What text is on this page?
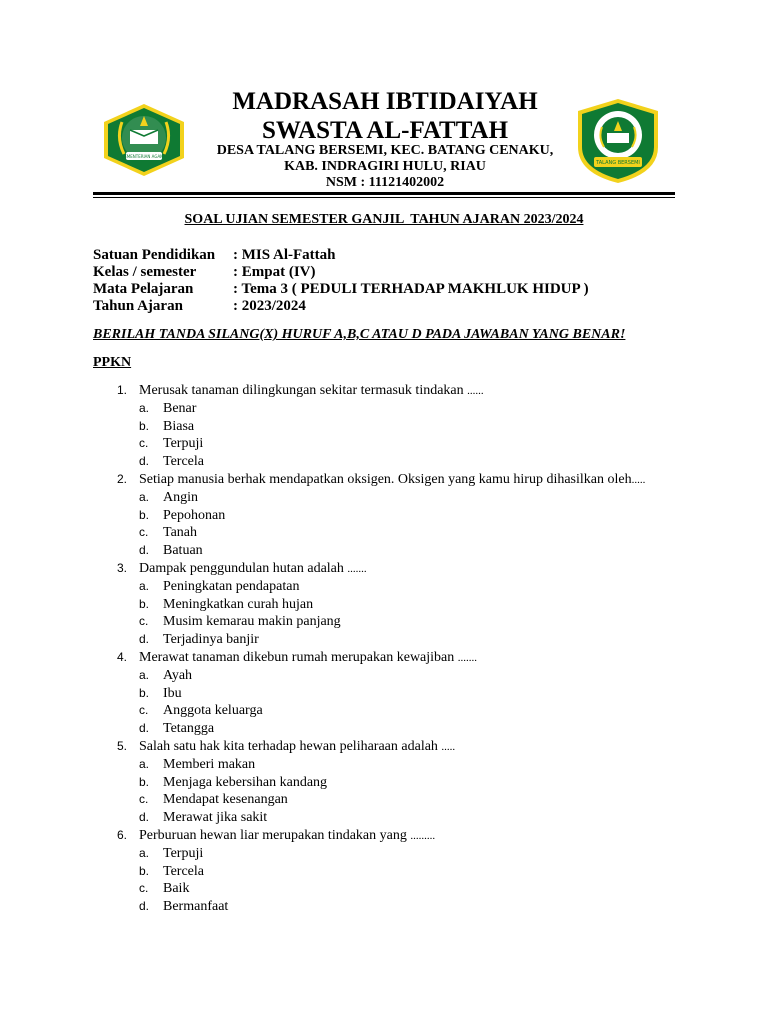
KEMENTERIAN AGAMA
TALANG BERSEMI
MADRASAH IBTIDAIYAH
SWASTA AL-FATTAH
DESA TALANG BERSEMI, KEC. BATANG CENAKU,
KAB. INDRAGIRI HULU, RIAU
NSM : 11121402002
SOAL UJIAN SEMESTER GANJIL  TAHUN AJARAN 2023/2024
Satuan Pendidikan	: MIS Al-Fattah
Kelas / semester	: Empat (IV)
Mata Pelajaran	: Tema 3 ( PEDULI TERHADAP MAKHLUK HIDUP )
Tahun Ajaran	: 2023/2024
BERILAH TANDA SILANG(X) HURUF A,B,C ATAU D PADA JAWABAN YANG BENAR!
PPKN
1. Merusak tanaman dilingkungan sekitar termasuk tindakan ......
a. Benar
b. Biasa
c. Terpuji
d. Tercela
2. Setiap manusia berhak mendapatkan oksigen. Oksigen yang kamu hirup dihasilkan oleh.....
a. Angin
b. Pepohonan
c. Tanah
d. Batuan
3. Dampak penggundulan hutan adalah .......
a. Peningkatan pendapatan
b. Meningkatkan curah hujan
c. Musim kemarau makin panjang
d. Terjadinya banjir
4. Merawat tanaman dikebun rumah merupakan kewajiban .......
a. Ayah
b. Ibu
c. Anggota keluarga
d. Tetangga
5. Salah satu hak kita terhadap hewan peliharaan adalah .....
a. Memberi makan
b. Menjaga kebersihan kandang
c. Mendapat kesenangan
d. Merawat jika sakit
6. Perburuan hewan liar merupakan tindakan yang .........
a. Terpuji
b. Tercela
c. Baik
d. Bermanfaat
